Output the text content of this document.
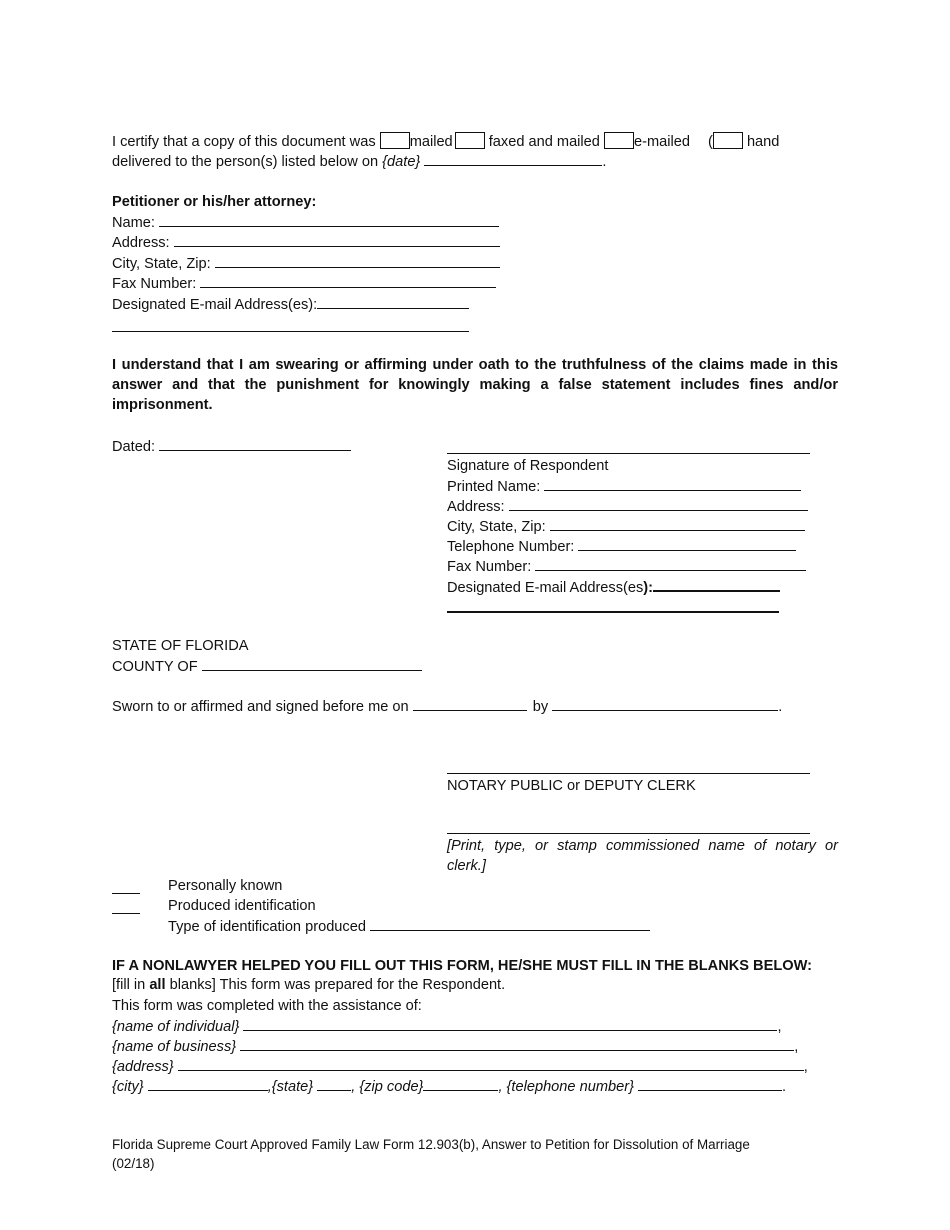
I certify that a copy of this document was mailed faxed and mailed e-mailed ( hand
delivered to the person(s) listed below on {date}	.
Petitioner or his/her attorney:
Name:
Address:
City, State, Zip:
Fax Number:
Designated E-mail Address(es):
I understand that I am swearing or affirming under oath to the truthfulness of the claims made in this answer and that the punishment for knowingly making a false statement includes fines and/or imprisonment.
Dated:
Signature of Respondent
Printed Name:
Address:
City, State, Zip:
Telephone Number:
Fax Number:
Designated E-mail Address(es):
STATE OF FLORIDA
COUNTY OF
Sworn to or affirmed and signed before me on	by	.
NOTARY PUBLIC or DEPUTY CLERK
[Print, type, or stamp commissioned name of notary or clerk.]
Personally known
Produced identification
Type of identification produced
IF A NONLAWYER HELPED YOU FILL OUT THIS FORM, HE/SHE MUST FILL IN THE BLANKS BELOW:
[fill in all blanks] This form was prepared for the Respondent.
This form was completed with the assistance of:
{name of individual}	,
{name of business}	,
{address}	,
{city}	,{state}	, {zip code}	, {telephone number}	.
Florida Supreme Court Approved Family Law Form 12.903(b), Answer to Petition for Dissolution of Marriage
(02/18)
